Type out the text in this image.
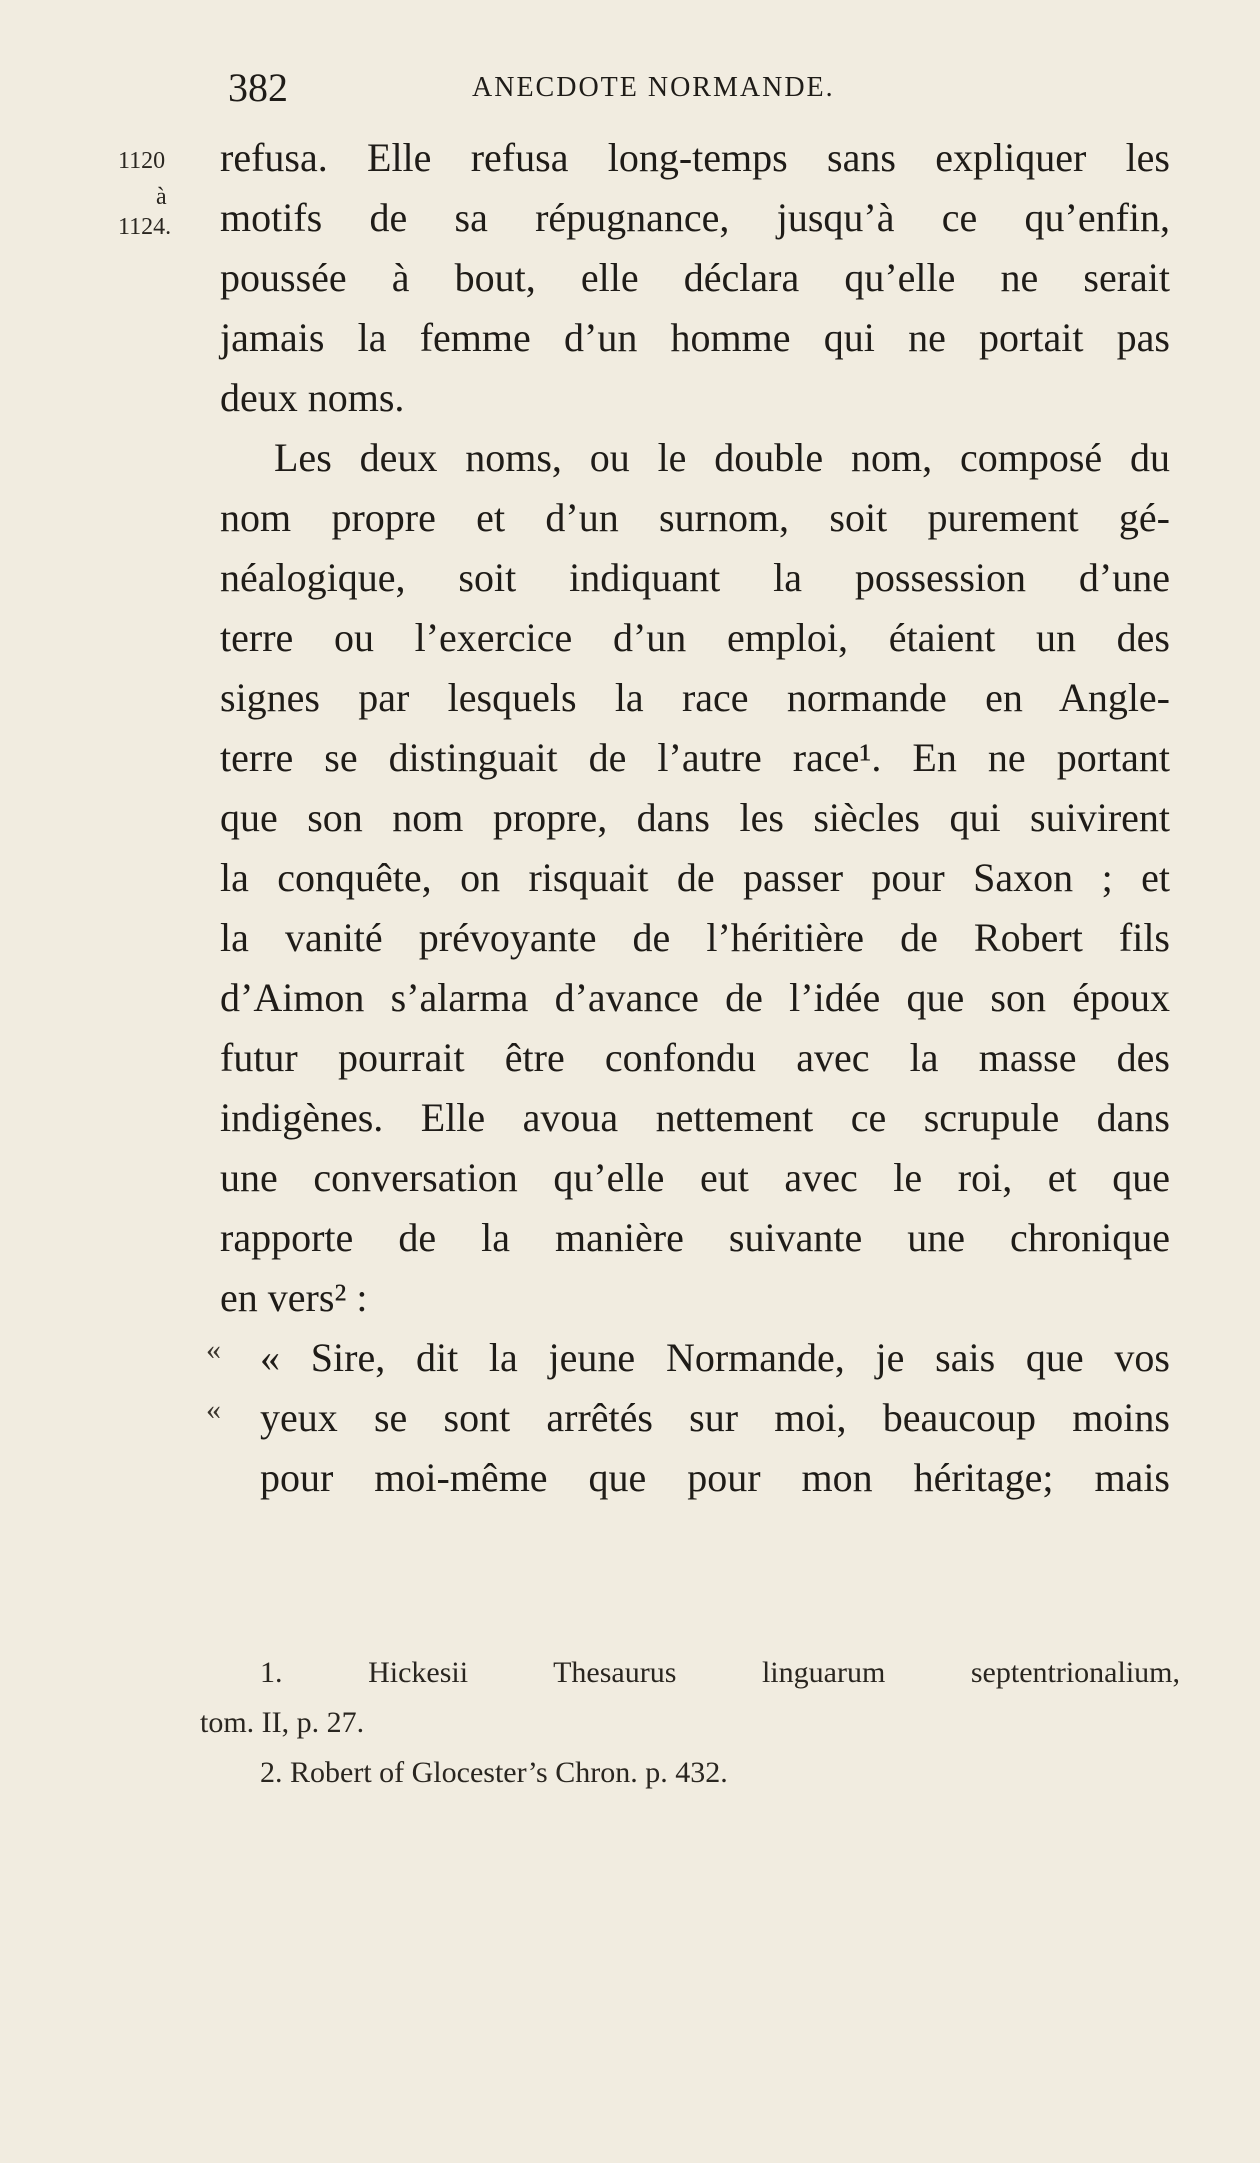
382	ANECDOTE NORMANDE.
1120
à
1124.
refusa. Elle refusa long-temps sans expliquer les
motifs de sa répugnance, jusqu’à ce qu’enfin,
poussée à bout, elle déclara qu’elle ne serait
jamais la femme d’un homme qui ne portait pas
deux noms.
Les deux noms, ou le double nom, composé du
nom propre et d’un surnom, soit purement gé-
néalogique, soit indiquant la possession d’une
terre ou l’exercice d’un emploi, étaient un des
signes par lesquels la race normande en Angle-
terre se distinguait de l’autre race¹. En ne portant
que son nom propre, dans les siècles qui suivirent
la conquête, on risquait de passer pour Saxon ; et
la vanité prévoyante de l’héritière de Robert fils
d’Aimon s’alarma d’avance de l’idée que son époux
futur pourrait être confondu avec la masse des
indigènes. Elle avoua nettement ce scrupule dans
une conversation qu’elle eut avec le roi, et que
rapporte de la manière suivante une chronique
en vers² :
« Sire, dit la jeune Normande, je sais que vos
yeux se sont arrêtés sur moi, beaucoup moins
pour moi-même que pour mon héritage; mais
«
«
1. Hickesii Thesaurus linguarum septentrionalium,
tom. II, p. 27.
2. Robert of Glocester’s Chron. p. 432.
